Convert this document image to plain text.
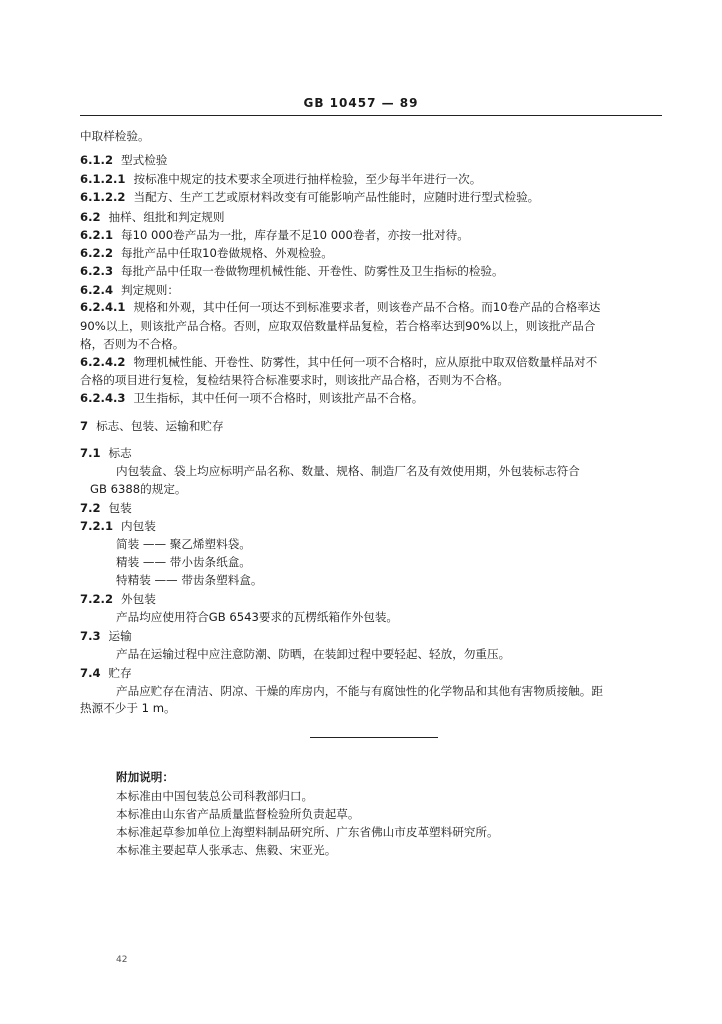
GB 10457 — 89
中取样检验。
6.1.2 型式检验
6.1.2.1 按标准中规定的技术要求全项进行抽样检验，至少每半年进行一次。
6.1.2.2 当配方、生产工艺或原材料改变有可能影响产品性能时，应随时进行型式检验。
6.2 抽样、组批和判定规则
6.2.1 每10 000卷产品为一批，库存量不足10 000卷者，亦按一批对待。
6.2.2 每批产品中任取10卷做规格、外观检验。
6.2.3 每批产品中任取一卷做物理机械性能、开卷性、防雾性及卫生指标的检验。
6.2.4 判定规则：
6.2.4.1 规格和外观，其中任何一项达不到标准要求者，则该卷产品不合格。而10卷产品的合格率达
90%以上，则该批产品合格。否则，应取双倍数量样品复检，若合格率达到90%以上，则该批产品合
格，否则为不合格。
6.2.4.2 物理机械性能、开卷性、防雾性，其中任何一项不合格时，应从原批中取双倍数量样品对不
合格的项目进行复检，复检结果符合标准要求时，则该批产品合格，否则为不合格。
6.2.4.3 卫生指标，其中任何一项不合格时，则该批产品不合格。
7 标志、包装、运输和贮存
7.1 标志
内包装盒、袋上均应标明产品名称、数量、规格、制造厂名及有效使用期，外包装标志符合
GB 6388的规定。
7.2 包装
7.2.1 内包装
简装 —— 聚乙烯塑料袋。
精装 —— 带小齿条纸盒。
特精装 —— 带齿条塑料盒。
7.2.2 外包装
产品均应使用符合GB 6543要求的瓦楞纸箱作外包装。
7.3 运输
产品在运输过程中应注意防潮、防晒，在装卸过程中要轻起、轻放，勿重压。
7.4 贮存
产品应贮存在清洁、阴凉、干燥的库房内，不能与有腐蚀性的化学物品和其他有害物质接触。距
热源不少于 1 m。
附加说明：
本标准由中国包装总公司科教部归口。
本标准由山东省产品质量监督检验所负责起草。
本标准起草参加单位上海塑料制品研究所、广东省佛山市皮革塑料研究所。
本标准主要起草人张承志、焦毅、宋亚光。
42
